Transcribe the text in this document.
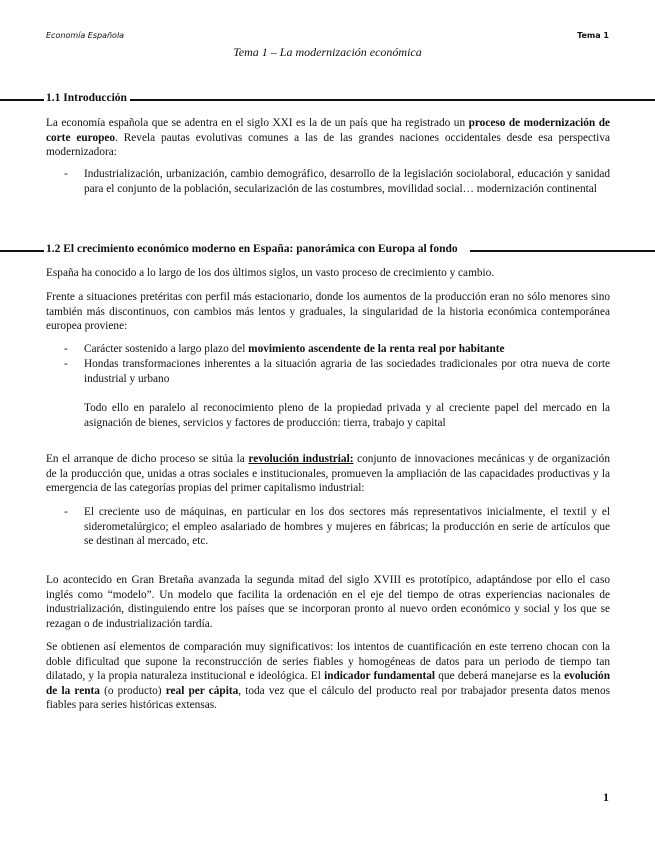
Economía Española	Tema 1
Tema 1 – La modernización económica
1.1 Introducción
La economía española que se adentra en el siglo XXI es la de un país que ha registrado un proceso de modernización de corte europeo. Revela pautas evolutivas comunes a las de las grandes naciones occidentales desde esa perspectiva modernizadora:
- Industrialización, urbanización, cambio demográfico, desarrollo de la legislación sociolaboral, educación y sanidad para el conjunto de la población, secularización de las costumbres, movilidad social… modernización continental
1.2 El crecimiento económico moderno en España: panorámica con Europa al fondo
España ha conocido a lo largo de los dos últimos siglos, un vasto proceso de crecimiento y cambio.
Frente a situaciones pretéritas con perfil más estacionario, donde los aumentos de la producción eran no sólo menores sino también más discontinuos, con cambios más lentos y graduales, la singularidad de la historia económica contemporánea europea proviene:
- Carácter sostenido a largo plazo del movimiento ascendente de la renta real por habitante
- Hondas transformaciones inherentes a la situación agraria de las sociedades tradicionales por otra nueva de corte industrial y urbano
Todo ello en paralelo al reconocimiento pleno de la propiedad privada y al creciente papel del mercado en la asignación de bienes, servicios y factores de producción: tierra, trabajo y capital
En el arranque de dicho proceso se sitúa la revolución industrial: conjunto de innovaciones mecánicas y de organización de la producción que, unidas a otras sociales e institucionales, promueven la ampliación de las capacidades productivas y la emergencia de las categorías propias del primer capitalismo industrial:
- El creciente uso de máquinas, en particular en los dos sectores más representativos inicialmente, el textil y el siderometalúrgico; el empleo asalariado de hombres y mujeres en fábricas; la producción en serie de artículos que se destinan al mercado, etc.
Lo acontecido en Gran Bretaña avanzada la segunda mitad del siglo XVIII es prototípico, adaptándose por ello el caso inglés como “modelo”. Un modelo que facilita la ordenación en el eje del tiempo de otras experiencias nacionales de industrialización, distinguiendo entre los países que se incorporan pronto al nuevo orden económico y social y los que se rezagan o de industrialización tardía.
Se obtienen así elementos de comparación muy significativos: los intentos de cuantificación en este terreno chocan con la doble dificultad que supone la reconstrucción de series fiables y homogéneas de datos para un periodo de tiempo tan dilatado, y la propia naturaleza institucional e ideológica. El indicador fundamental que deberá manejarse es la evolución de la renta (o producto) real per cápita, toda vez que el cálculo del producto real por trabajador presenta datos menos fiables para series históricas extensas.
1
